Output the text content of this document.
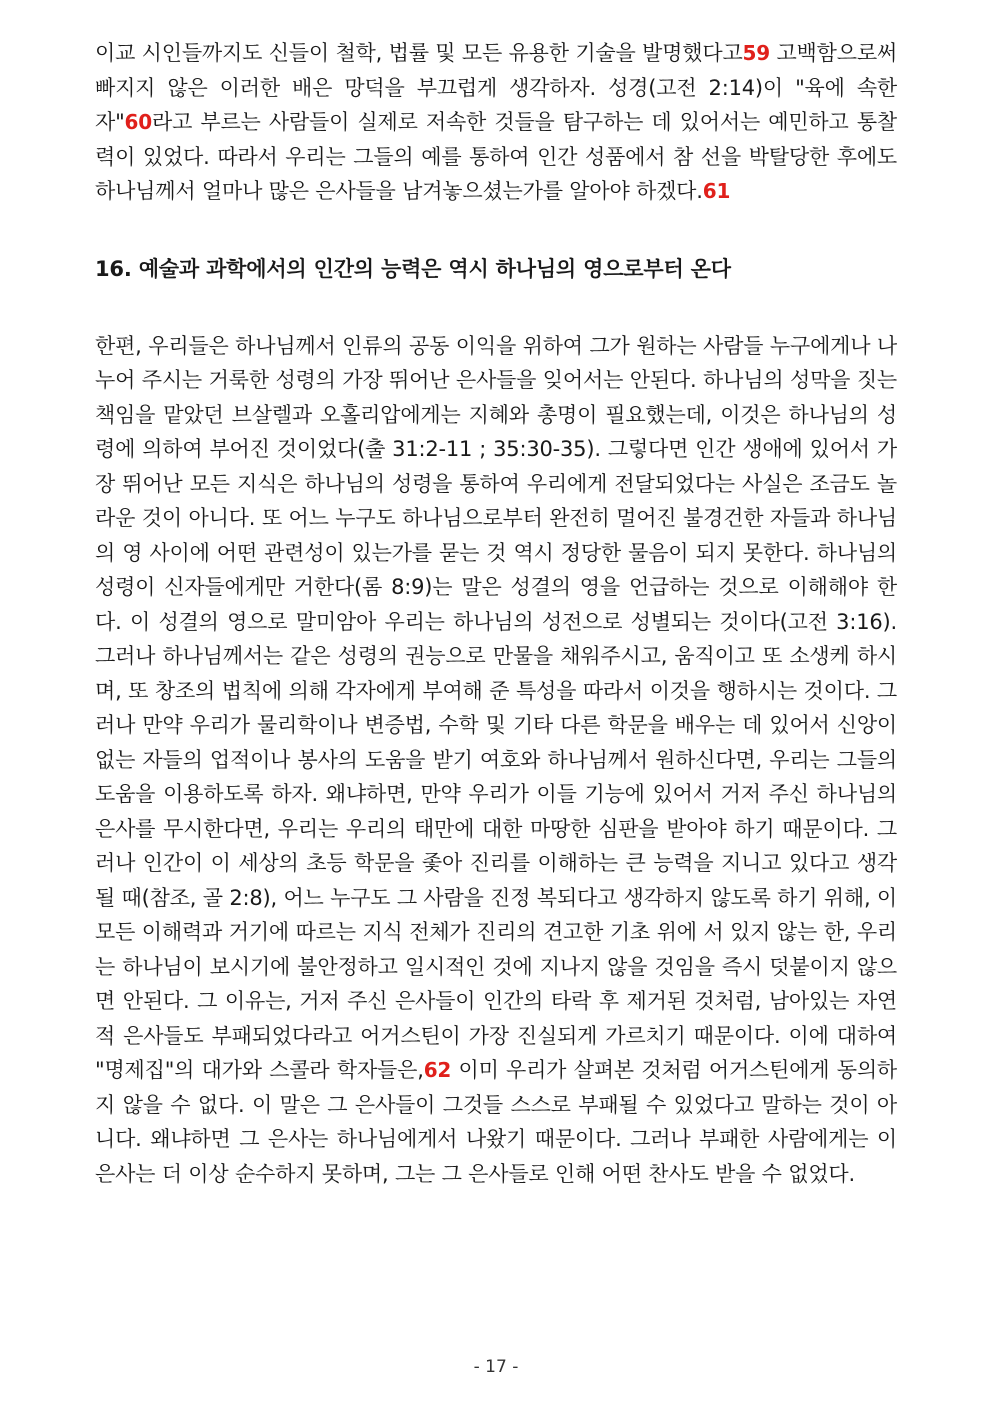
이교 시인들까지도 신들이 철학, 법률 및 모든 유용한 기술을 발명했다고59 고백함으로써 빠지지 않은 이러한 배은 망덕을 부끄럽게 생각하자. 성경(고전 2:14)이 "육에 속한 자"60라고 부르는 사람들이 실제로 저속한 것들을 탐구하는 데 있어서는 예민하고 통찰력이 있었다. 따라서 우리는 그들의 예를 통하여 인간 성품에서 참 선을 박탈당한 후에도 하나님께서 얼마나 많은 은사들을 남겨놓으셨는가를 알아야 하겠다.61

16. 예술과 과학에서의 인간의 능력은 역시 하나님의 영으로부터 온다

한편, 우리들은 하나님께서 인류의 공동 이익을 위하여 그가 원하는 사람들 누구에게나 나누어 주시는 거룩한 성령의 가장 뛰어난 은사들을 잊어서는 안된다. 하나님의 성막을 짓는 책임을 맡았던 브살렐과 오홀리압에게는 지혜와 총명이 필요했는데, 이것은 하나님의 성령에 의하여 부어진 것이었다(출 31:2-11 ; 35:30-35). 그렇다면 인간 생애에 있어서 가장 뛰어난 모든 지식은 하나님의 성령을 통하여 우리에게 전달되었다는 사실은 조금도 놀라운 것이 아니다. 또 어느 누구도 하나님으로부터 완전히 멀어진 불경건한 자들과 하나님의 영 사이에 어떤 관련성이 있는가를 묻는 것 역시 정당한 물음이 되지 못한다. 하나님의 성령이 신자들에게만 거한다(롬 8:9)는 말은 성결의 영을 언급하는 것으로 이해해야 한다. 이 성결의 영으로 말미암아 우리는 하나님의 성전으로 성별되는 것이다(고전 3:16). 그러나 하나님께서는 같은 성령의 권능으로 만물을 채워주시고, 움직이고 또 소생케 하시며, 또 창조의 법칙에 의해 각자에게 부여해 준 특성을 따라서 이것을 행하시는 것이다. 그러나 만약 우리가 물리학이나 변증법, 수학 및 기타 다른 학문을 배우는 데 있어서 신앙이 없는 자들의 업적이나 봉사의 도움을 받기 여호와 하나님께서 원하신다면, 우리는 그들의 도움을 이용하도록 하자. 왜냐하면, 만약 우리가 이들 기능에 있어서 거저 주신 하나님의 은사를 무시한다면, 우리는 우리의 태만에 대한 마땅한 심판을 받아야 하기 때문이다. 그러나 인간이 이 세상의 초등 학문을 좇아 진리를 이해하는 큰 능력을 지니고 있다고 생각될 때(참조, 골 2:8), 어느 누구도 그 사람을 진정 복되다고 생각하지 않도록 하기 위해, 이 모든 이해력과 거기에 따르는 지식 전체가 진리의 견고한 기초 위에 서 있지 않는 한, 우리는 하나님이 보시기에 불안정하고 일시적인 것에 지나지 않을 것임을 즉시 덧붙이지 않으면 안된다. 그 이유는, 거저 주신 은사들이 인간의 타락 후 제거된 것처럼, 남아있는 자연적 은사들도 부패되었다라고 어거스틴이 가장 진실되게 가르치기 때문이다. 이에 대하여 "명제집"의 대가와 스콜라 학자들은,62 이미 우리가 살펴본 것처럼 어거스틴에게 동의하지 않을 수 없다. 이 말은 그 은사들이 그것들 스스로 부패될 수 있었다고 말하는 것이 아니다. 왜냐하면 그 은사는 하나님에게서 나왔기 때문이다. 그러나 부패한 사람에게는 이 은사는 더 이상 순수하지 못하며, 그는 그 은사들로 인해 어떤 찬사도 받을 수 없었다.

- 17 -
